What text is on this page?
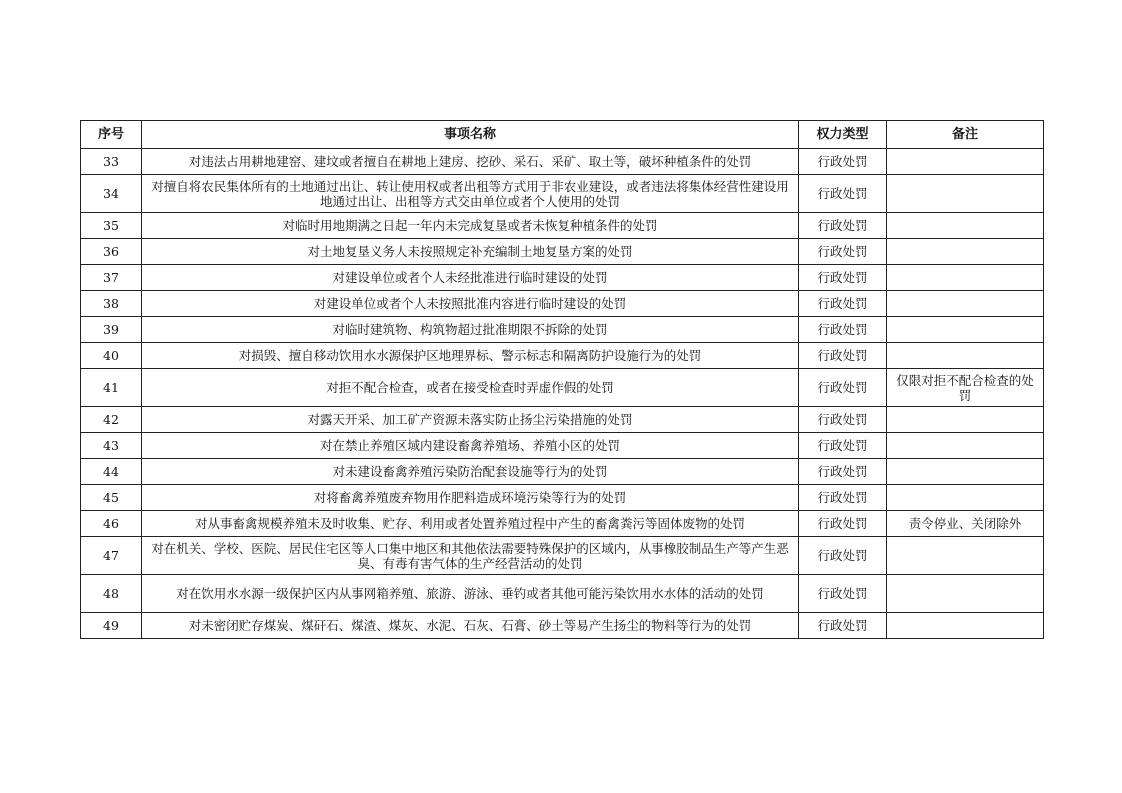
序号	事项名称	权力类型	备注
33	对违法占用耕地建窑、建坟或者擅自在耕地上建房、挖砂、采石、采矿、取土等，破坏种植条件的处罚	行政处罚	
34	对擅自将农民集体所有的土地通过出让、转让使用权或者出租等方式用于非农业建设，或者违法将集体经营性建设用地通过出让、出租等方式交由单位或者个人使用的处罚	行政处罚	
35	对临时用地期满之日起一年内未完成复垦或者未恢复种植条件的处罚	行政处罚	
36	对土地复垦义务人未按照规定补充编制土地复垦方案的处罚	行政处罚	
37	对建设单位或者个人未经批准进行临时建设的处罚	行政处罚	
38	对建设单位或者个人未按照批准内容进行临时建设的处罚	行政处罚	
39	对临时建筑物、构筑物超过批准期限不拆除的处罚	行政处罚	
40	对损毁、擅自移动饮用水水源保护区地理界标、警示标志和隔离防护设施行为的处罚	行政处罚	
41	对拒不配合检查，或者在接受检查时弄虚作假的处罚	行政处罚	仅限对拒不配合检查的处罚
42	对露天开采、加工矿产资源未落实防止扬尘污染措施的处罚	行政处罚	
43	对在禁止养殖区域内建设畜禽养殖场、养殖小区的处罚	行政处罚	
44	对未建设畜禽养殖污染防治配套设施等行为的处罚	行政处罚	
45	对将畜禽养殖废弃物用作肥料造成环境污染等行为的处罚	行政处罚	
46	对从事畜禽规模养殖未及时收集、贮存、利用或者处置养殖过程中产生的畜禽粪污等固体废物的处罚	行政处罚	责令停业、关闭除外
47	对在机关、学校、医院、居民住宅区等人口集中地区和其他依法需要特殊保护的区域内，从事橡胶制品生产等产生恶臭、有毒有害气体的生产经营活动的处罚	行政处罚	
48	对在饮用水水源一级保护区内从事网箱养殖、旅游、游泳、垂钓或者其他可能污染饮用水水体的活动的处罚	行政处罚	
49	对未密闭贮存煤炭、煤矸石、煤渣、煤灰、水泥、石灰、石膏、砂土等易产生扬尘的物料等行为的处罚	行政处罚	
